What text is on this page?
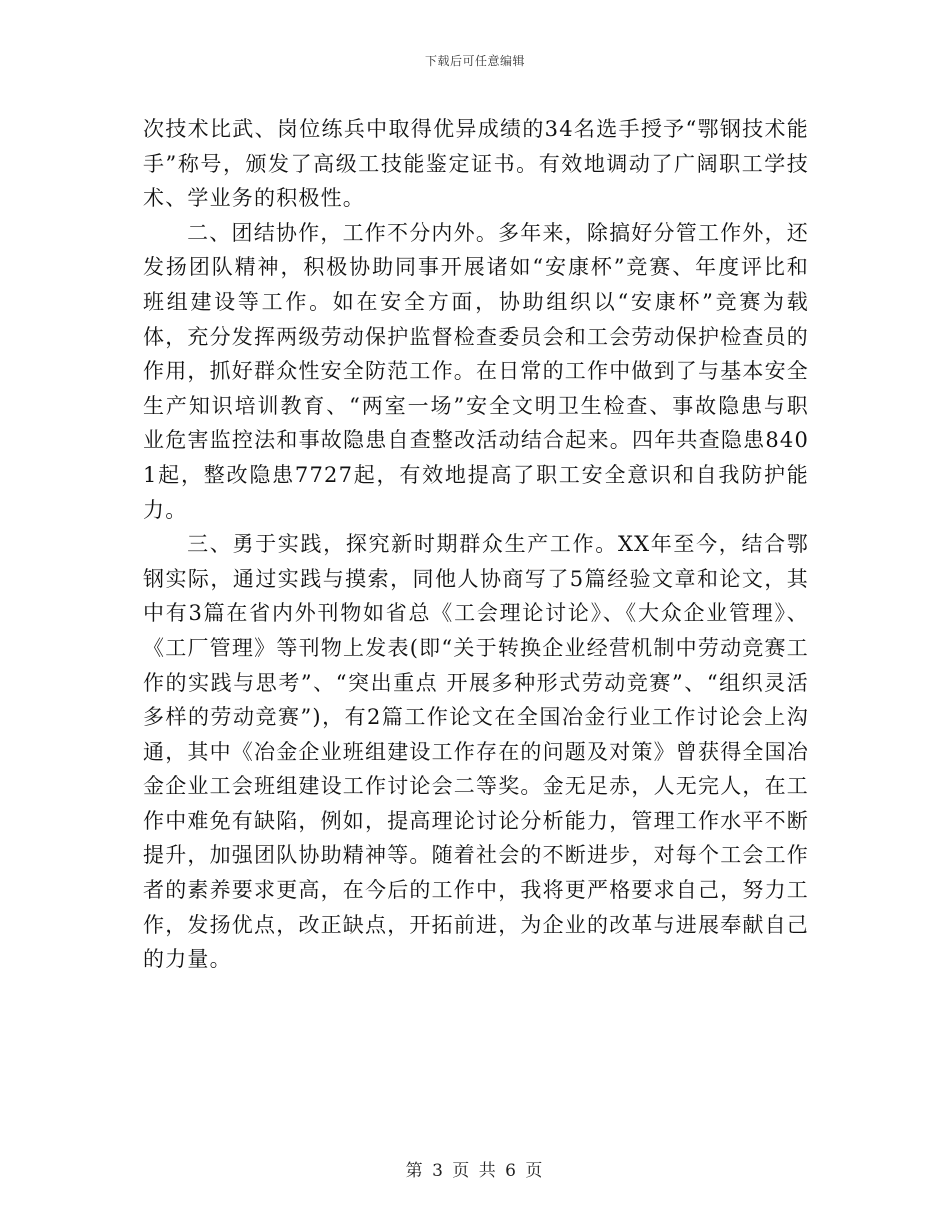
下载后可任意编辑

次技术比武、岗位练兵中取得优异成绩的34名选手授予“鄂钢技术能手”称号，颁发了高级工技能鉴定证书。有效地调动了广阔职工学技术、学业务的积极性。

二、团结协作，工作不分内外。多年来，除搞好分管工作外，还发扬团队精神，积极协助同事开展诸如“安康杯”竞赛、年度评比和班组建设等工作。如在安全方面，协助组织以“安康杯”竞赛为载体，充分发挥两级劳动保护监督检查委员会和工会劳动保护检查员的作用，抓好群众性安全防范工作。在日常的工作中做到了与基本安全生产知识培训教育、“两室一场”安全文明卫生检查、事故隐患与职业危害监控法和事故隐患自查整改活动结合起来。四年共查隐患8401起，整改隐患7727起，有效地提高了职工安全意识和自我防护能力。

三、勇于实践，探究新时期群众生产工作。XX年至今，结合鄂钢实际，通过实践与摸索，同他人协商写了5篇经验文章和论文，其中有3篇在省内外刊物如省总《工会理论讨论》、《大众企业管理》、《工厂管理》等刊物上发表(即“关于转换企业经营机制中劳动竞赛工作的实践与思考”、“突出重点 开展多种形式劳动竞赛”、“组织灵活多样的劳动竞赛”)，有2篇工作论文在全国冶金行业工作讨论会上沟通，其中《冶金企业班组建设工作存在的问题及对策》曾获得全国冶金企业工会班组建设工作讨论会二等奖。金无足赤，人无完人，在工作中难免有缺陷，例如，提高理论讨论分析能力，管理工作水平不断提升，加强团队协助精神等。随着社会的不断进步，对每个工会工作者的素养要求更高，在今后的工作中，我将更严格要求自己，努力工作，发扬优点，改正缺点，开拓前进，为企业的改革与进展奉献自己的力量。

第 3 页 共 6 页
